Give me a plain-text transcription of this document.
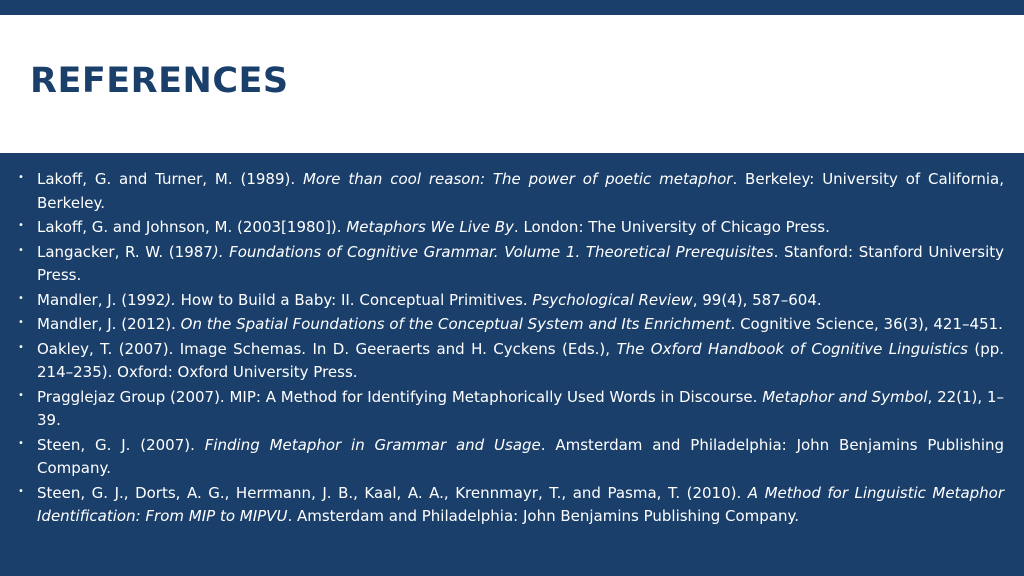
REFERENCES
• Lakoff, G. and Turner, M. (1989). More than cool reason: The power of poetic metaphor. Berkeley: University of California, Berkeley.
• Lakoff, G. and Johnson, M. (2003[1980]). Metaphors We Live By. London: The University of Chicago Press.
• Langacker, R. W. (1987). Foundations of Cognitive Grammar. Volume 1. Theoretical Prerequisites. Stanford: Stanford University Press.
• Mandler, J. (1992). How to Build a Baby: II. Conceptual Primitives. Psychological Review, 99(4), 587–604.
• Mandler, J. (2012). On the Spatial Foundations of the Conceptual System and Its Enrichment. Cognitive Science, 36(3), 421–451.
• Oakley, T. (2007). Image Schemas. In D. Geeraerts and H. Cyckens (Eds.), The Oxford Handbook of Cognitive Linguistics (pp. 214–235). Oxford: Oxford University Press.
• Pragglejaz Group (2007). MIP: A Method for Identifying Metaphorically Used Words in Discourse. Metaphor and Symbol, 22(1), 1–39.
• Steen, G. J. (2007). Finding Metaphor in Grammar and Usage. Amsterdam and Philadelphia: John Benjamins Publishing Company.
• Steen, G. J., Dorts, A. G., Herrmann, J. B., Kaal, A. A., Krennmayr, T., and Pasma, T. (2010). A Method for Linguistic Metaphor Identification: From MIP to MIPVU. Amsterdam and Philadelphia: John Benjamins Publishing Company.
